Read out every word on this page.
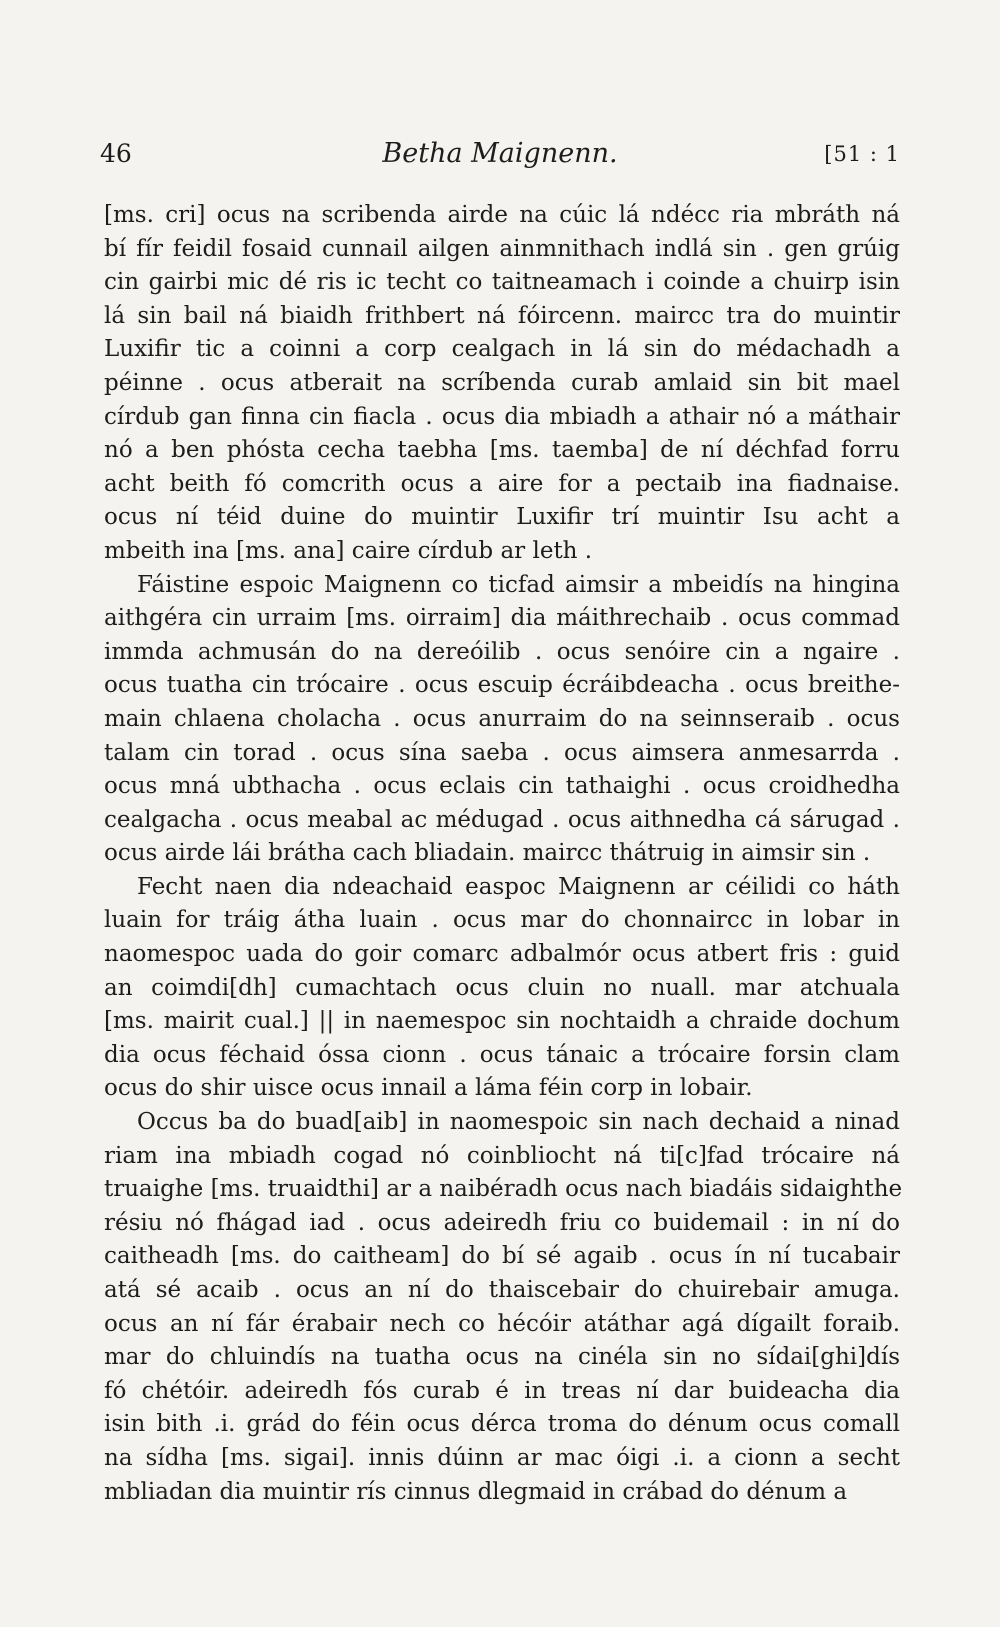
46	Betha Maignenn.	[51 : 1
[ms. cri] ocus na scribenda airde na cúic lá ndécc ria mbráth ná
bí fír feidil fosaid cunnail ailgen ainmnithach indlá sin . gen grúig
cin gairbi mic dé ris ic techt co taitneamach i coinde a chuirp isin
lá sin bail ná biaidh frithbert ná fóircenn. mairсс tra do muintir
Luxifir tic a coinni a corp cealgach in lá sin do médachadh a
péinne . ocus atberait na scríbenda curab amlaid sin bit mael
círdub gan finna cin fiacla . ocus dia mbiadh a athair nó a máthair
nó a ben phósta cecha taebha [ms. taemba] de ní déchfad forru
acht beith fó comcrith ocus a aire for a pectaib ina fiadnaise.
ocus ní téid duine do muintir Luxifir trí muintir Isu acht a
mbeith ina [ms. ana] caire círdub ar leth .
Fáistine espoic Maignenn co ticfad aimsir a mbeidís na hingina
aithgéra cin urraim [ms. oirraim] dia máithrechaib . ocus commad
immda achmusán do na dereóilib . ocus senóire cin a ngaire .
ocus tuatha cin trócaire . ocus escuip écráibdeacha . ocus breithe-
main chlaena cholacha . ocus anurraim do na seinnseraib . ocus
talam cin torad . ocus sína saeba . ocus aimsera anmesarrda .
ocus mná ubthacha . ocus eclais cin tathaighi . ocus croidhedha
cealgacha . ocus meabal ac médugad . ocus aithnedha cá sárugad .
ocus airde lái brátha cach bliadain. mairсс thátruig in aimsir sin .
Fecht naen dia ndeachaid easpoc Maignenn ar céilidi co háth
luain for tráig átha luain . ocus mar do chonnairсс in lobar in
naomespoc uada do goir comarc adbalmór ocus atbert fris : guid
an coimdi[dh] cumachtach ocus cluin no nuall. mar atchuala
[ms. mairit cual.] || in naemespoc sin nochtaidh a chraide dochum
dia ocus féchaid óssa cionn . ocus tánaic a trócaire forsin clam
ocus do shir uisce ocus innail a láma féin corp in lobair.
Occus ba do buad[aib] in naomespoic sin nach dechaid a ninad
riam ina mbiadh cogad nó coinbliocht ná ti[c]fad trócaire ná
truaighe [ms. truaidthi] ar a naibéradh ocus nach biadáis sidaighthe
résiu nó fhágad iad . ocus adeiredh friu co buidemail : in ní do
caitheadh [ms. do caitheam] do bí sé agaib . ocus ín ní tucabair
atá sé acaib . ocus an ní do thaiscebair do chuirebair amuga.
ocus an ní fár érabair nech co hécóir atáthar agá dígailt foraib.
mar do chluindís na tuatha ocus na cinéla sin no sídai[ghi]dís
fó chétóir. adeiredh fós curab é in treas ní dar buideacha dia
isin bith .i. grád do féin ocus dérca troma do dénum ocus comall
na sídha [ms. sigai]. innis dúinn ar mac óigi .i. a cionn a secht
mbliadan dia muintir rís cinnus dlegmaid in crábad do dénum a
